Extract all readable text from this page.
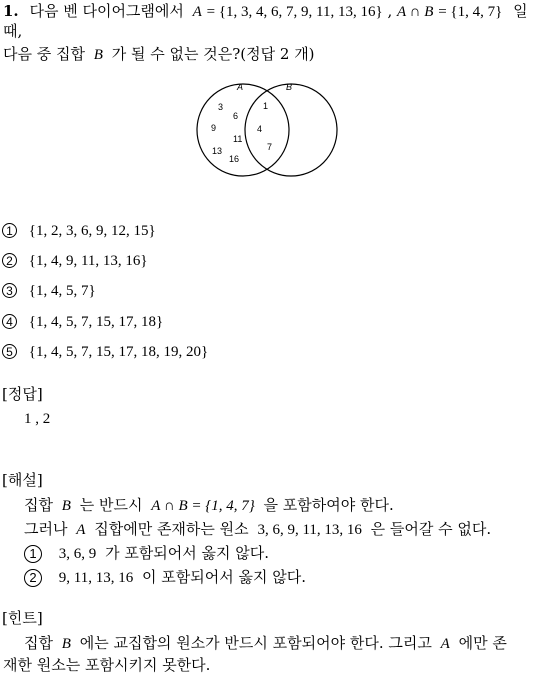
1. 다음 벤 다이어그램에서 A = {1, 3, 4, 6, 7, 9, 11, 13, 16} , A ∩ B = {1, 4, 7} 일
때,
다음 중 집합 B 가 될 수 없는 것은?(정답 2 개)
A	B
3
6
9
11
13
16
1
4
7
1 {1, 2, 3, 6, 9, 12, 15}
2 {1, 4, 9, 11, 13, 16}
3 {1, 4, 5, 7}
4 {1, 4, 5, 7, 15, 17, 18}
5 {1, 4, 5, 7, 15, 17, 18, 19, 20}
[정답]
1 , 2
[해설]
집합 B 는 반드시 A ∩ B = {1, 4, 7} 을 포함하여야 한다.
그러나 A 집합에만 존재하는 원소 3, 6, 9, 11, 13, 16 은 들어갈 수 없다.
1 3, 6, 9 가 포함되어서 옳지 않다.
2 9, 11, 13, 16 이 포함되어서 옳지 않다.
[힌트]
집합 B 에는 교집합의 원소가 반드시 포함되어야 한다. 그리고 A 에만 존
재한 원소는 포함시키지 못한다.
